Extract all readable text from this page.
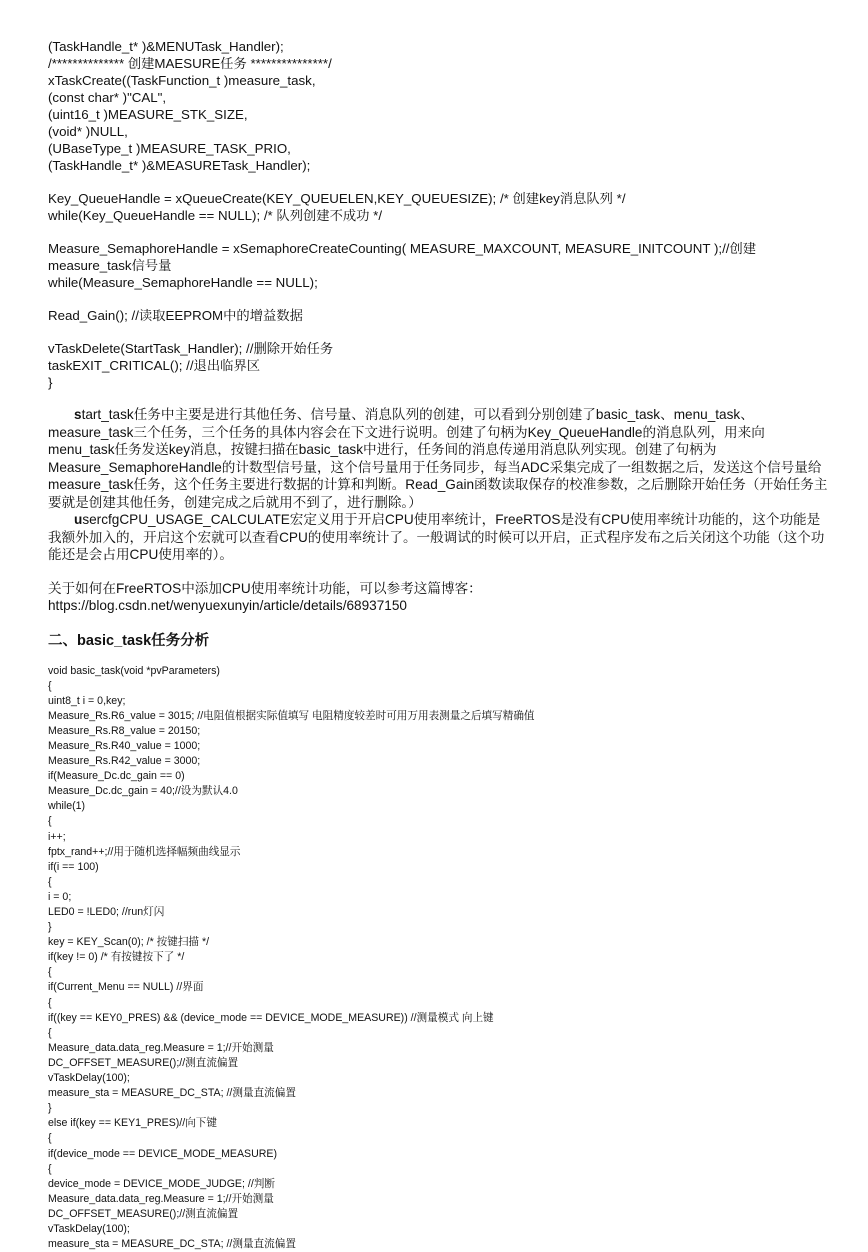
(TaskHandle_t* )&MENUTask_Handler);
/************** 创建MAESURE任务 ***************/
xTaskCreate((TaskFunction_t )measure_task,
(const char* )"CAL",
(uint16_t )MEASURE_STK_SIZE,
(void* )NULL,
(UBaseType_t )MEASURE_TASK_PRIO,
(TaskHandle_t* )&MEASURETask_Handler);
Key_QueueHandle = xQueueCreate(KEY_QUEUELEN,KEY_QUEUESIZE); /* 创建key消息队列 */
while(Key_QueueHandle == NULL); /* 队列创建不成功 */
Measure_SemaphoreHandle = xSemaphoreCreateCounting( MEASURE_MAXCOUNT, MEASURE_INITCOUNT );//创建
measure_task信号量
while(Measure_SemaphoreHandle == NULL);
Read_Gain(); //读取EEPROM中的增益数据
vTaskDelete(StartTask_Handler); //删除开始任务
taskEXIT_CRITICAL(); //退出临界区
}

start_task任务中主要是进行其他任务、信号量、消息队列的创建，可以看到分别创建了basic_task、menu_task、measure_task三个任务，三个任务的具体内容会在下文进行说明。创建了句柄为Key_QueueHandle的消息队列，用来向menu_task任务发送key消息，按键扫描在basic_task中进行，任务间的消息传递用消息队列实现。创建了句柄为Measure_SemaphoreHandle的计数型信号量，这个信号量用于任务同步，每当ADC采集完成了一组数据之后，发送这个信号量给measure_task任务，这个任务主要进行数据的计算和判断。Read_Gain函数读取保存的校准参数，之后删除开始任务（开始任务主要就是创建其他任务，创建完成之后就用不到了，进行删除。）

usercfgCPU_USAGE_CALCULATE宏定义用于开启CPU使用率统计，FreeRTOS是没有CPU使用率统计功能的，这个功能是我额外加入的，开启这个宏就可以查看CPU的使用率统计了。一般调试的时候可以开启，正式程序发布之后关闭这个功能（这个功能还是会占用CPU使用率的）。

关于如何在FreeRTOS中添加CPU使用率统计功能，可以参考这篇博客：
https://blog.csdn.net/wenyuexunyin/article/details/68937150
二、basic_task任务分析
void basic_task(void *pvParameters)
{
uint8_t i = 0,key;
Measure_Rs.R6_value = 3015; //电阻值根据实际值填写 电阻精度较差时可用万用表测量之后填写精确值
Measure_Rs.R8_value = 20150;
Measure_Rs.R40_value = 1000;
Measure_Rs.R42_value = 3000;
if(Measure_Dc.dc_gain == 0)
Measure_Dc.dc_gain = 40;//设为默认4.0
while(1)
{
i++;
fptx_rand++;//用于随机选择幅频曲线显示
if(i == 100)
{
i = 0;
LED0 = !LED0; //run灯闪
}
key = KEY_Scan(0); /* 按键扫描 */
if(key != 0) /* 有按键按下了 */
{
if(Current_Menu == NULL) //界面
{
if((key == KEY0_PRES) && (device_mode == DEVICE_MODE_MEASURE)) //测量模式 向上键
{
Measure_data.data_reg.Measure = 1;//开始测量
DC_OFFSET_MEASURE();//测直流偏置
vTaskDelay(100);
measure_sta = MEASURE_DC_STA; //测量直流偏置
}
else if(key == KEY1_PRES)//向下键
{
if(device_mode == DEVICE_MODE_MEASURE)
{
device_mode = DEVICE_MODE_JUDGE; //判断
Measure_data.data_reg.Measure = 1;//开始测量
DC_OFFSET_MEASURE();//测直流偏置
vTaskDelay(100);
measure_sta = MEASURE_DC_STA; //测量直流偏置
